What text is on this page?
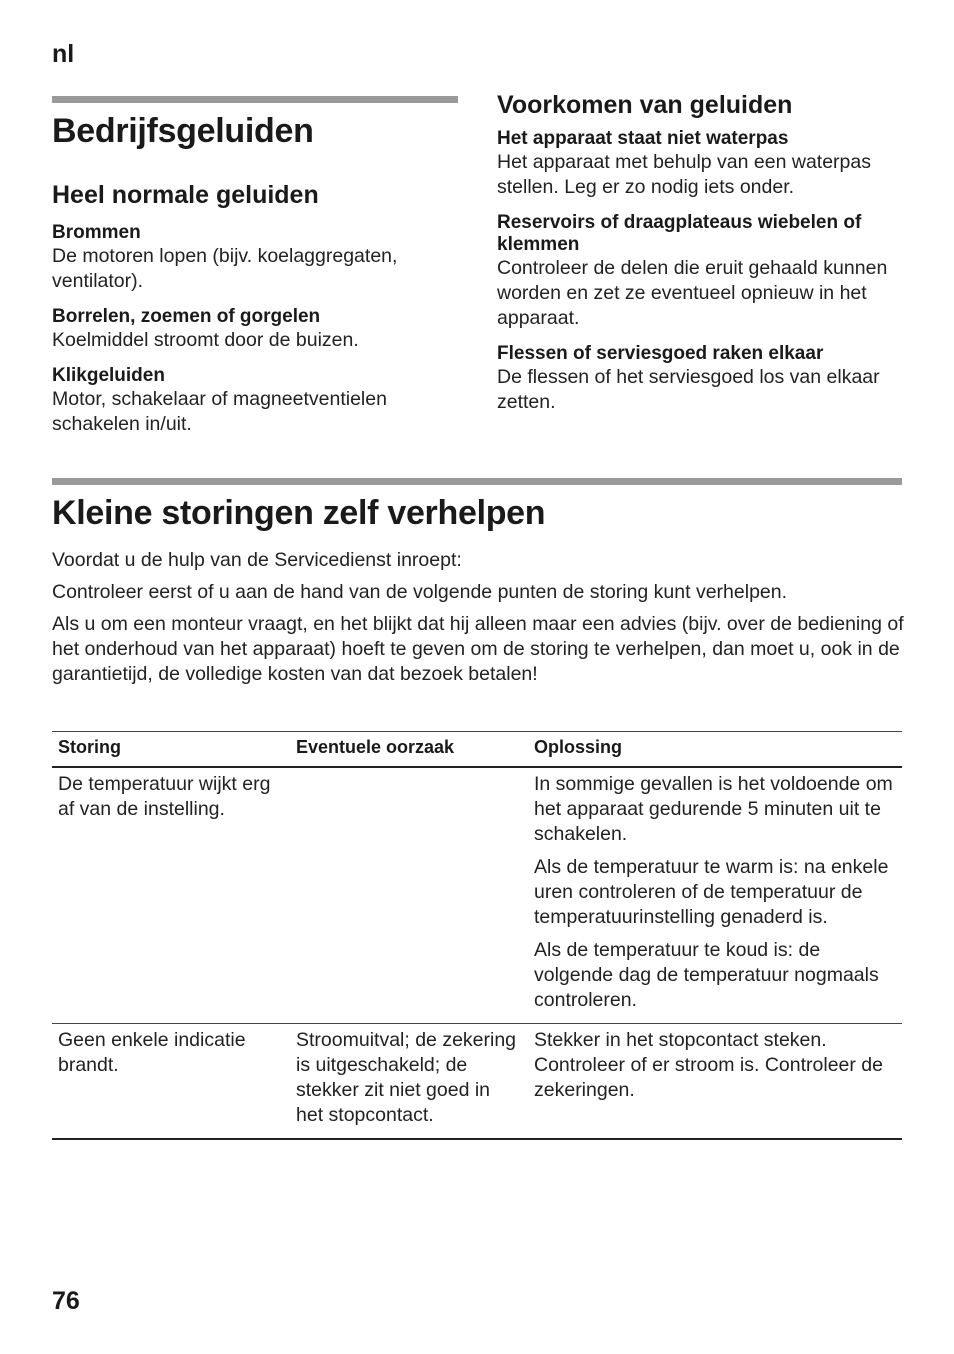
nl
Bedrijfsgeluiden
Heel normale geluiden
Brommen
De motoren lopen (bijv. koelaggregaten, ventilator).
Borrelen, zoemen of gorgelen
Koelmiddel stroomt door de buizen.
Klikgeluiden
Motor, schakelaar of magneetventielen schakelen in/uit.
Voorkomen van geluiden
Het apparaat staat niet waterpas
Het apparaat met behulp van een waterpas stellen. Leg er zo nodig iets onder.
Reservoirs of draagplateaus wiebelen of klemmen
Controleer de delen die eruit gehaald kunnen worden en zet ze eventueel opnieuw in het apparaat.
Flessen of serviesgoed raken elkaar
De flessen of het serviesgoed los van elkaar zetten.
Kleine storingen zelf verhelpen

Voordat u de hulp van de Servicedienst inroept:

Controleer eerst of u aan de hand van de volgende punten de storing kunt verhelpen.

Als u om een monteur vraagt, en het blijkt dat hij alleen maar een advies (bijv. over de bediening of het onderhoud van het apparaat) hoeft te geven om de storing te verhelpen, dan moet u, ook in de garantietijd, de volledige kosten van dat bezoek betalen!

Storing	Eventuele oorzaak	Oplossing
De temperatuur wijkt erg af van de instelling.		In sommige gevallen is het voldoende om het apparaat gedurende 5 minuten uit te schakelen.

Als de temperatuur te warm is: na enkele uren controleren of de temperatuur de temperatuurinstelling genaderd is.

Als de temperatuur te koud is: de volgende dag de temperatuur nogmaals controleren.

Geen enkele indicatie brandt.	Stroomuitval; de zekering is uitgeschakeld; de stekker zit niet goed in het stopcontact.	Stekker in het stopcontact steken. Controleer of er stroom is. Controleer de zekeringen.

76
